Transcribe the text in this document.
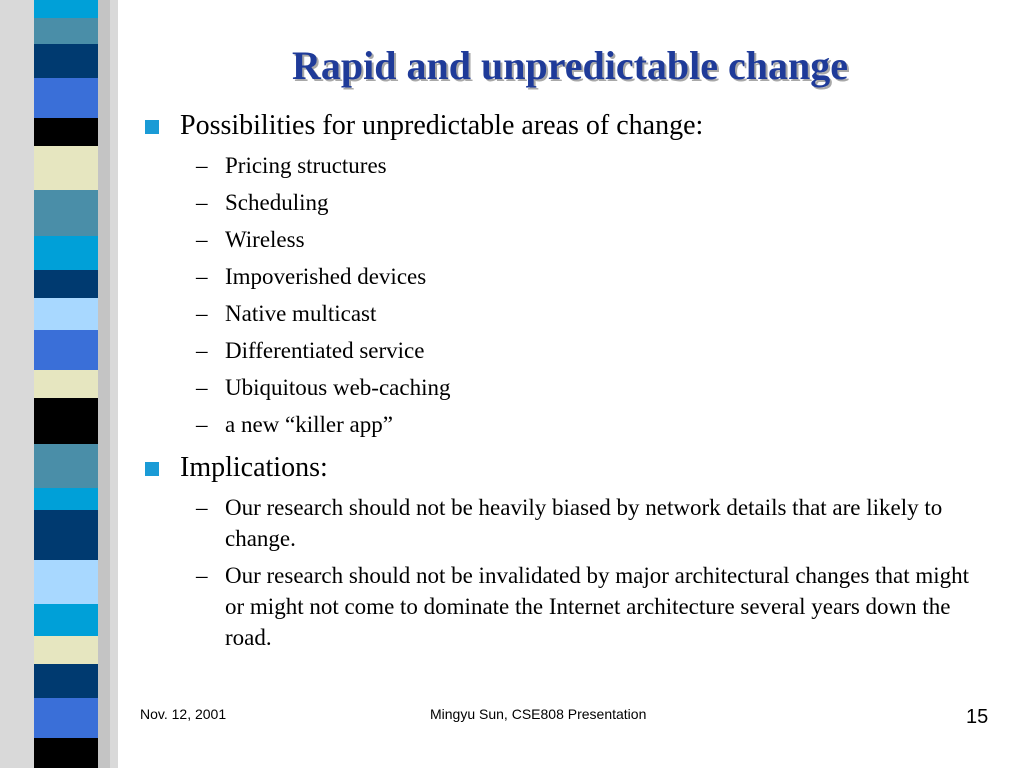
Rapid and unpredictable change
Possibilities for unpredictable areas of change:
– Pricing structures
– Scheduling
– Wireless
– Impoverished devices
– Native multicast
– Differentiated service
– Ubiquitous web-caching
– a new “killer app”
Implications:
– Our research should not be heavily biased by network details that are likely to change.
– Our research should not be invalidated by major architectural changes that might or might not come to dominate the Internet architecture several years down the road.
Nov. 12, 2001	Mingyu Sun, CSE808 Presentation	15
